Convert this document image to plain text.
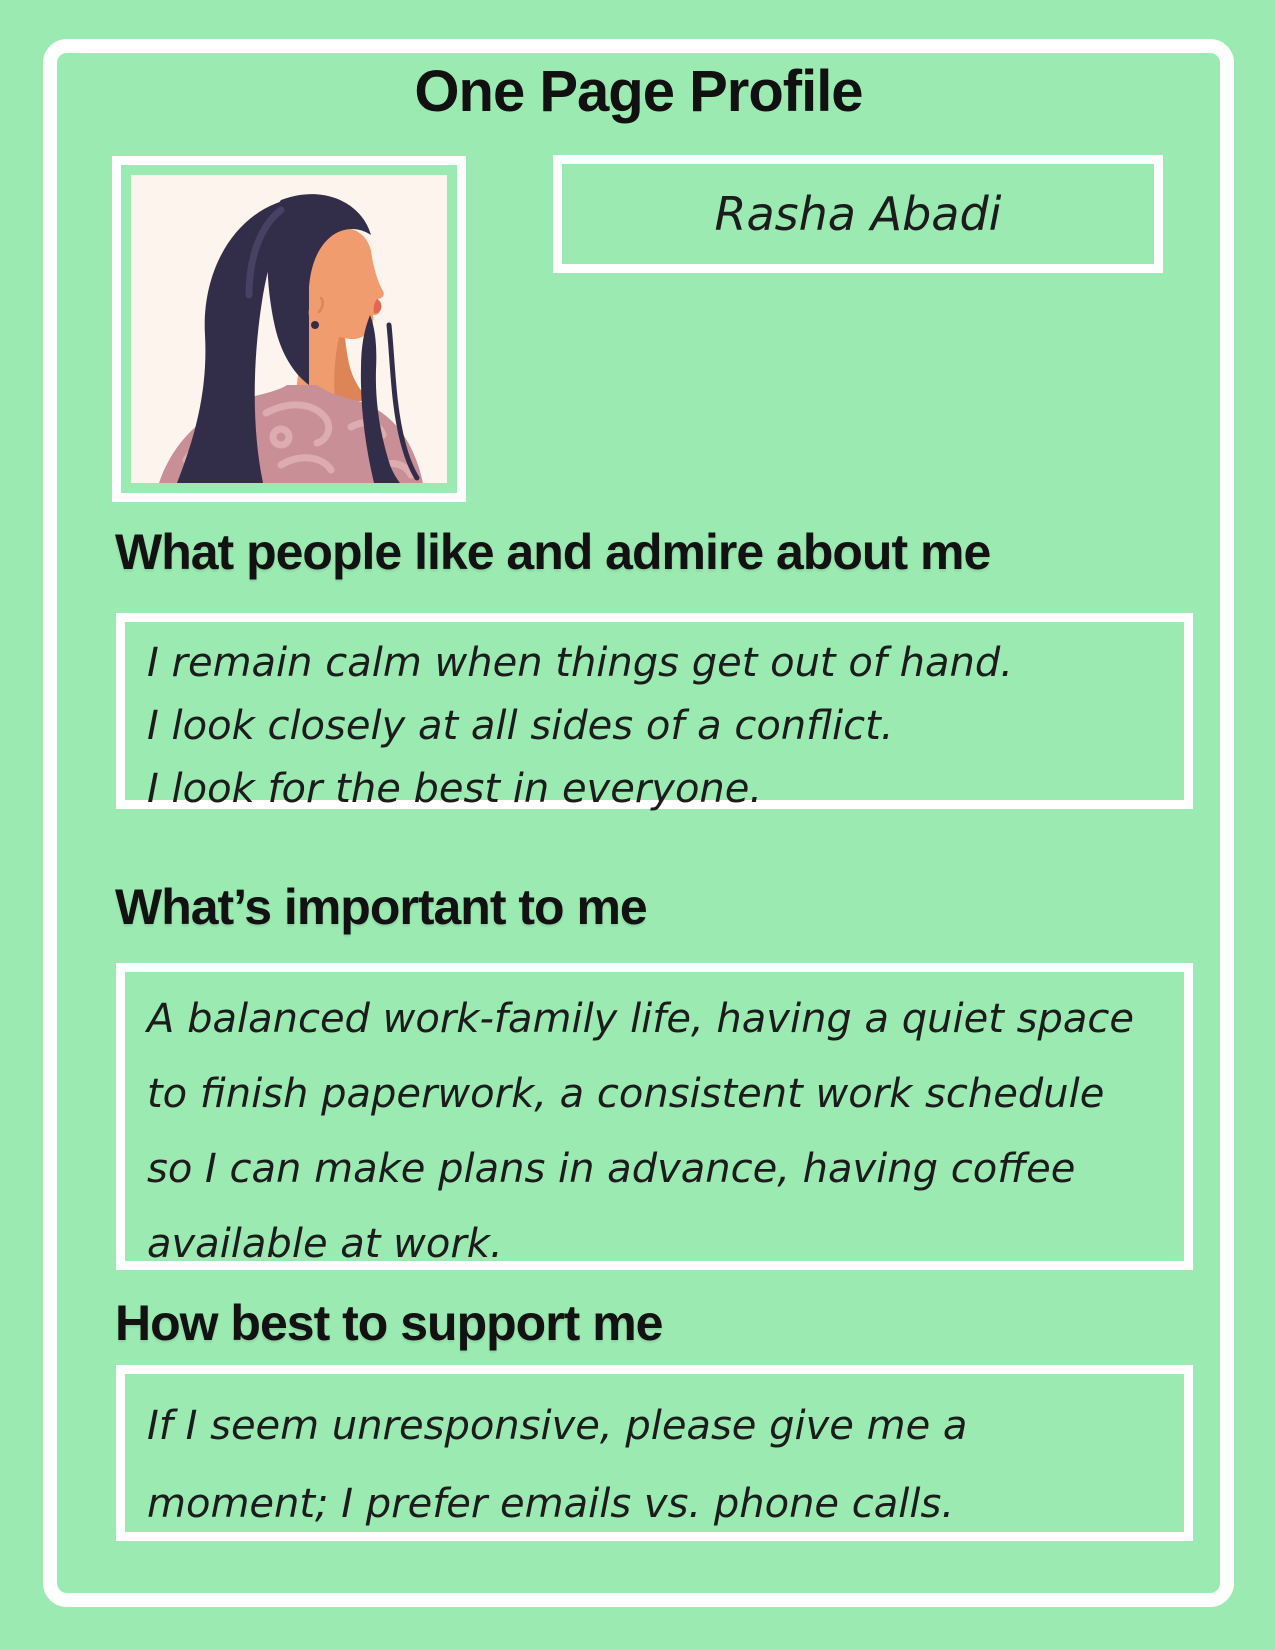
One Page Profile
Rasha Abadi
What people like and admire about me

I remain calm when things get out of hand.

I look closely at all sides of a conflict.

I look for the best in everyone.

What’s important to me

A balanced work-family life, having a quiet space

to finish paperwork, a consistent work schedule

so I can make plans in advance, having coffee

available at work.

How best to support me

If I seem unresponsive, please give me a

moment; I prefer emails vs. phone calls.
